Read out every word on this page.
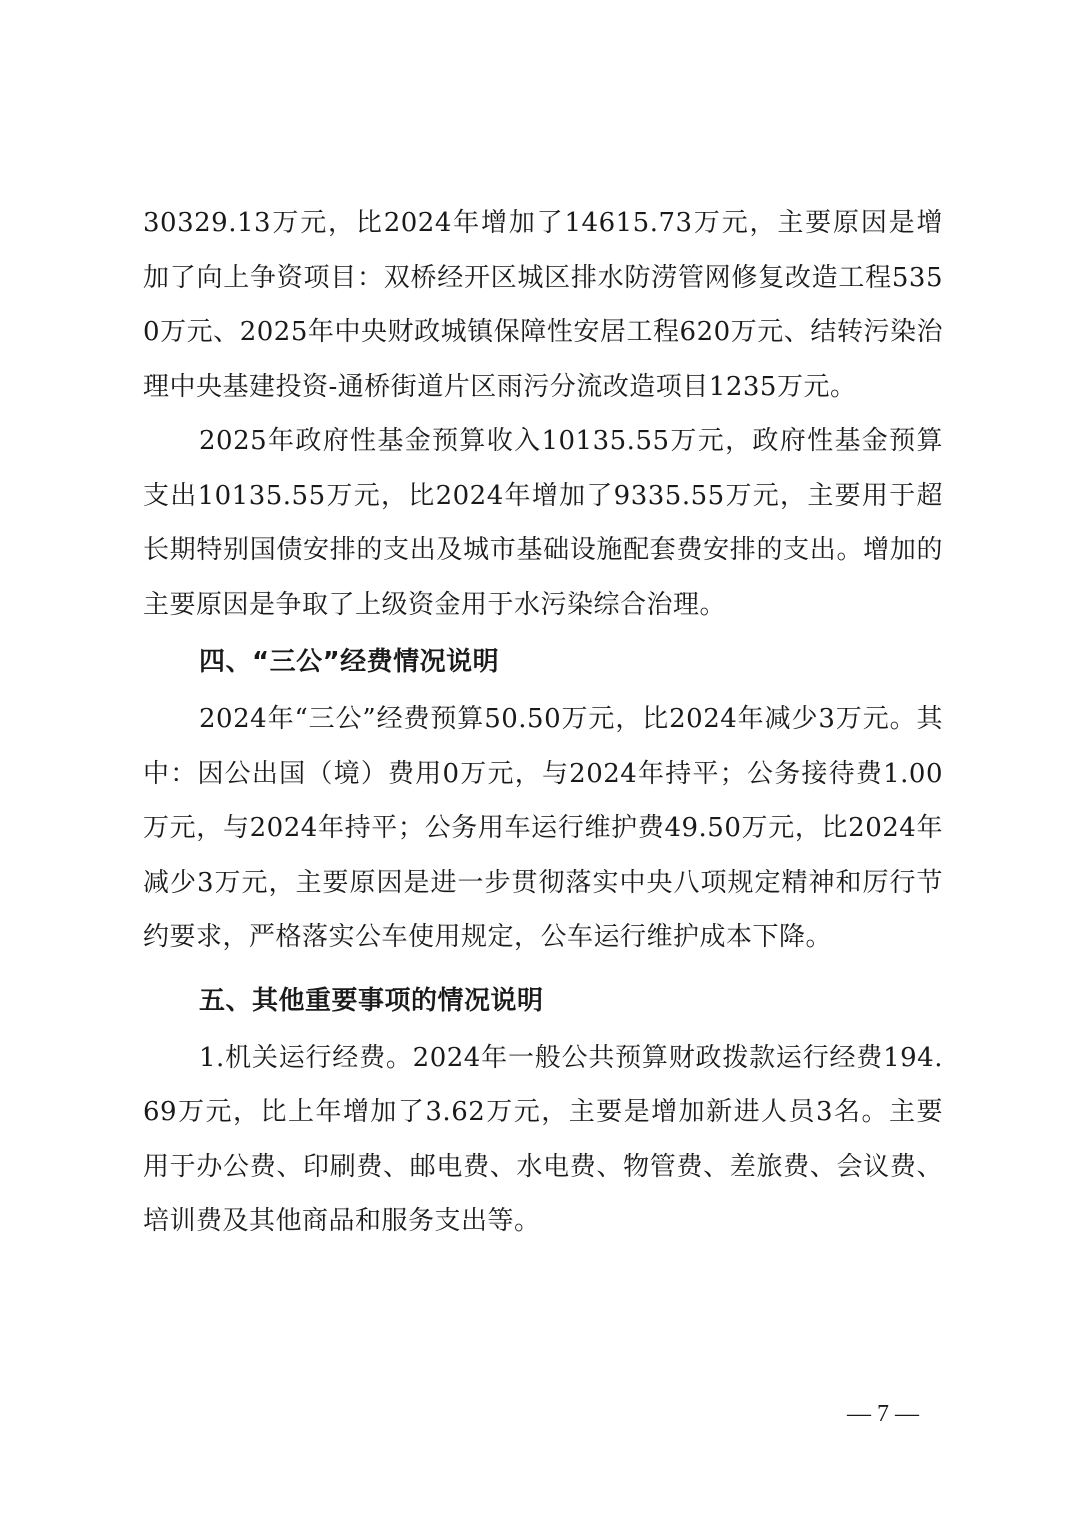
30329.13万元，比2024年增加了14615.73万元，主要原因是增加了向上争资项目：双桥经开区城区排水防涝管网修复改造工程5350万元、2025年中央财政城镇保障性安居工程620万元、结转污染治理中央基建投资-通桥街道片区雨污分流改造项目1235万元。

2025年政府性基金预算收入10135.55万元，政府性基金预算支出10135.55万元，比2024年增加了9335.55万元，主要用于超长期特别国债安排的支出及城市基础设施配套费安排的支出。增加的主要原因是争取了上级资金用于水污染综合治理。

四、“三公”经费情况说明

2024年“三公”经费预算50.50万元，比2024年减少3万元。其中：因公出国（境）费用0万元，与2024年持平；公务接待费1.00万元，与2024年持平；公务用车运行维护费49.50万元，比2024年减少3万元，主要原因是进一步贯彻落实中央八项规定精神和厉行节约要求，严格落实公车使用规定，公车运行维护成本下降。

五、其他重要事项的情况说明

1.机关运行经费。2024年一般公共预算财政拨款运行经费194.69万元，比上年增加了3.62万元，主要是增加新进人员3名。主要用于办公费、印刷费、邮电费、水电费、物管费、差旅费、会议费、培训费及其他商品和服务支出等。

— 7 —
